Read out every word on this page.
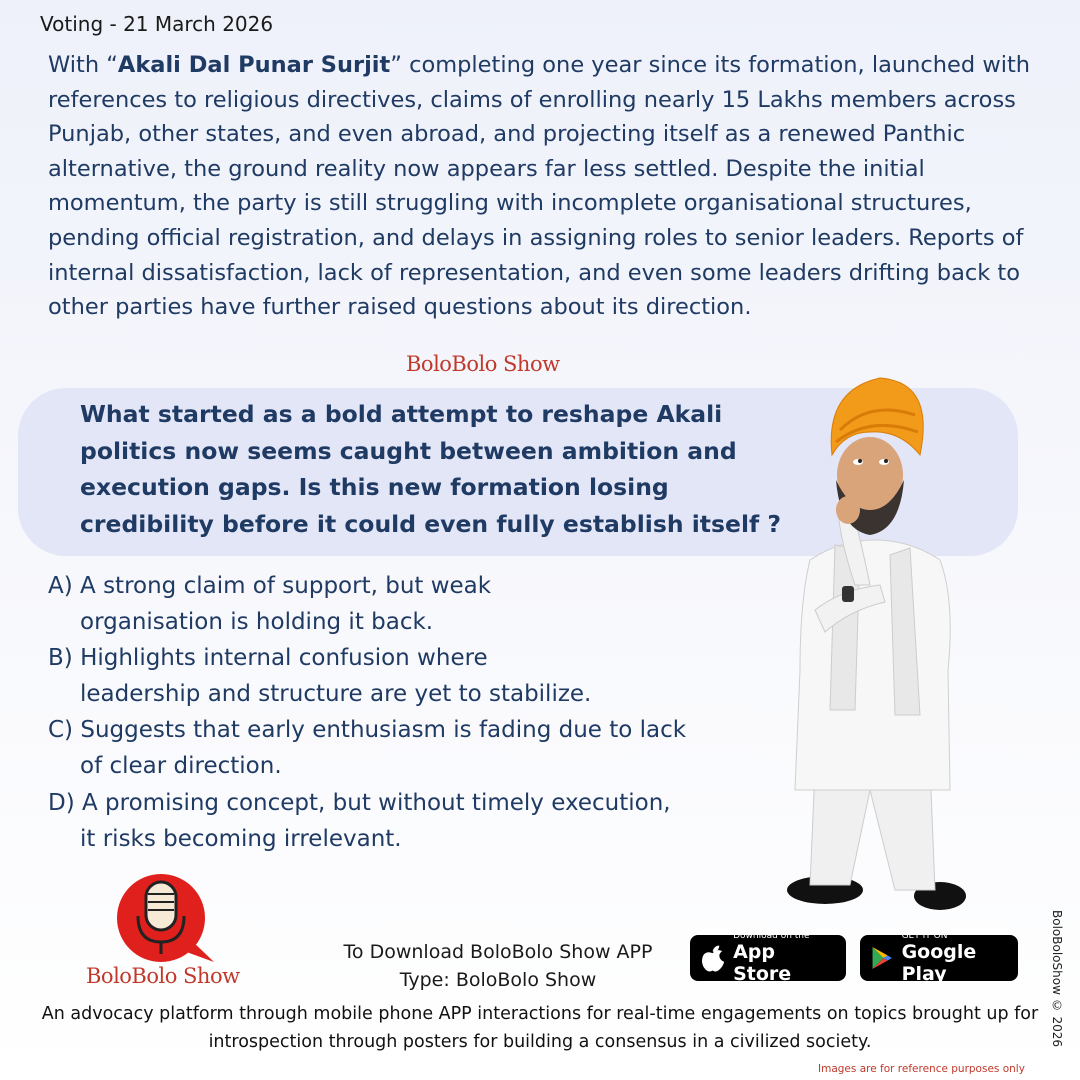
Voting - 21 March 2026

With “Akali Dal Punar Surjit” completing one year since its formation, launched with references to religious directives, claims of enrolling nearly 15 Lakhs members across Punjab, other states, and even abroad, and projecting itself as a renewed Panthic alternative, the ground reality now appears far less settled. Despite the initial momentum, the party is still struggling with incomplete organisational structures, pending official registration, and delays in assigning roles to senior leaders. Reports of internal dissatisfaction, lack of representation, and even some leaders drifting back to other parties have further raised questions about its direction.

BoloBolo Show

What started as a bold attempt to reshape Akali politics now seems caught between ambition and execution gaps. Is this new formation losing credibility before it could even fully establish itself ?

A) A strong claim of support, but weak
organisation is holding it back.
B) Highlights internal confusion where
leadership and structure are yet to stabilize.
C) Suggests that early enthusiasm is fading due to lack
of clear direction.
D) A promising concept, but without timely execution,
it risks becoming irrelevant.
BoloBolo Show
To Download BoloBolo Show APP
Type: BoloBolo Show
Download on the
App Store
GET IT ON
Google Play
An advocacy platform through mobile phone APP interactions for real-time engagements on topics brought up for introspection through posters for building a consensus in a civilized society.
Images are for reference purposes only
BoloBoloShow © 2026
